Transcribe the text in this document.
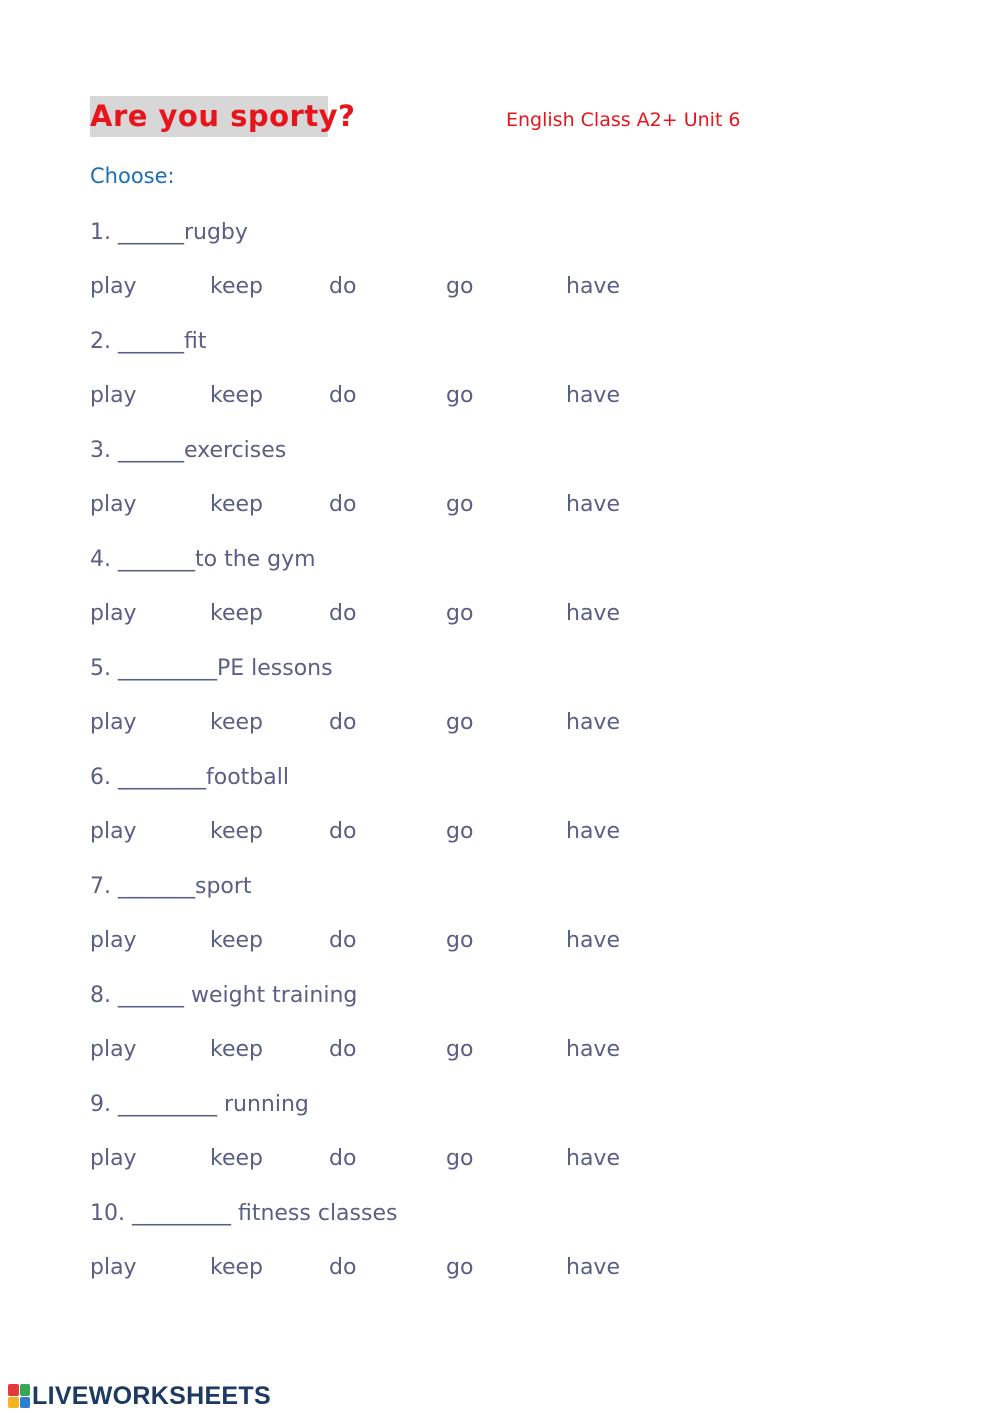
Are you sporty?	English Class A2+ Unit 6
Choose:
1. ______rugby
play	keep	do	go	have
2. ______fit
play	keep	do	go	have
3. ______exercises
play	keep	do	go	have
4. _______to the gym
play	keep	do	go	have
5. _________PE lessons
play	keep	do	go	have
6. ________football
play	keep	do	go	have
7. _______sport
play	keep	do	go	have
8. ______ weight training
play	keep	do	go	have
9. _________ running
play	keep	do	go	have
10. _________ fitness classes
play	keep	do	go	have
LIVEWORKSHEETS
